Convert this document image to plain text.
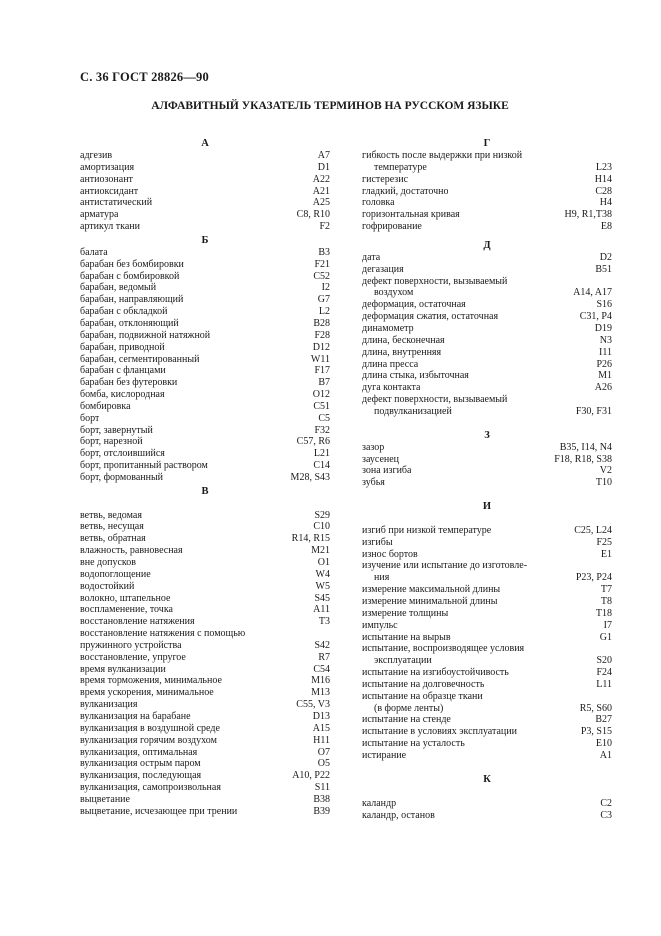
С. 36 ГОСТ 28826—90
АЛФАВИТНЫЙ УКАЗАТЕЛЬ ТЕРМИНОВ НА РУССКОМ ЯЗЫКЕ
А
адгезив	A7
амортизация	D1
антиозонант	A22
антиоксидант	A21
антистатический	A25
арматура	C8, R10
артикул ткани	F2
Б
балата	B3
барабан без бомбировки	F21
барабан с бомбировкой	C52
барабан, ведомый	I2
барабан, направляющий	G7
барабан с обкладкой	L2
барабан, отклоняющий	B28
барабан, подвижной натяжной	F28
барабан, приводной	D12
барабан, сегментированный	W11
барабан с фланцами	F17
барабан без футеровки	B7
бомба, кислородная	O12
бомбировка	C51
борт	C5
борт, завернутый	F32
борт, нарезной	C57, R6
борт, отслоившийся	L21
борт, пропитанный раствором	C14
борт, формованный	M28, S43
В
ветвь, ведомая	S29
ветвь, несущая	C10
ветвь, обратная	R14, R15
влажность, равновесная	M21
вне допусков	O1
водопоглощение	W4
водостойкий	W5
волокно, штапельное	S45
воспламенение, точка	A11
восстановление натяжения	T3
восстановление натяжения с помощью
пружинного устройства	S42
восстановление, упругое	R7
время вулканизации	C54
время торможения, минимальное	M16
время ускорения, минимальное	M13
вулканизация	C55, V3
вулканизация на барабане	D13
вулканизация в воздушной среде	A15
вулканизация горячим воздухом	H11
вулканизация, оптимальная	O7
вулканизация острым паром	O5
вулканизация, последующая	A10, P22
вулканизация, самопроизвольная	S11
выцветание	B38
выцветание, исчезающее при трении	B39
Г
гибкость после выдержки при низкой
температуре	L23
гистерезис	H14
гладкий, достаточно	C28
головка	H4
горизонтальная кривая	H9, R1,T38
гофрирование	E8
Д
дата	D2
дегазация	B51
дефект поверхности, вызываемый
воздухом	A14, A17
деформация, остаточная	S16
деформация сжатия, остаточная	C31, P4
динамометр	D19
длина, бесконечная	N3
длина, внутренняя	I11
длина пресса	P26
длина стыка, избыточная	M1
дуга контакта	A26
дефект поверхности, вызываемый
подвулканизацией	F30, F31
З
зазор	B35, I14, N4
заусенец	F18, R18, S38
зона изгиба	V2
зубья	T10
И
изгиб при низкой температуре	C25, L24
изгибы	F25
износ бортов	E1
изучение или испытание до изготовле-
ния	P23, P24
измерение максимальной длины	T7
измерение минимальной длины	T8
измерение толщины	T18
импульс	I7
испытание на вырыв	G1
испытание, воспроизводящее условия
эксплуатации	S20
испытание на изгибоустойчивость	F24
испытание на долговечность	L11
испытание на образце ткани
(в форме ленты)	R5, S60
испытание на стенде	B27
испытание в условиях эксплуатации	P3, S15
испытание на усталость	E10
истирание	A1
К
каландр	C2
каландр, останов	C3
